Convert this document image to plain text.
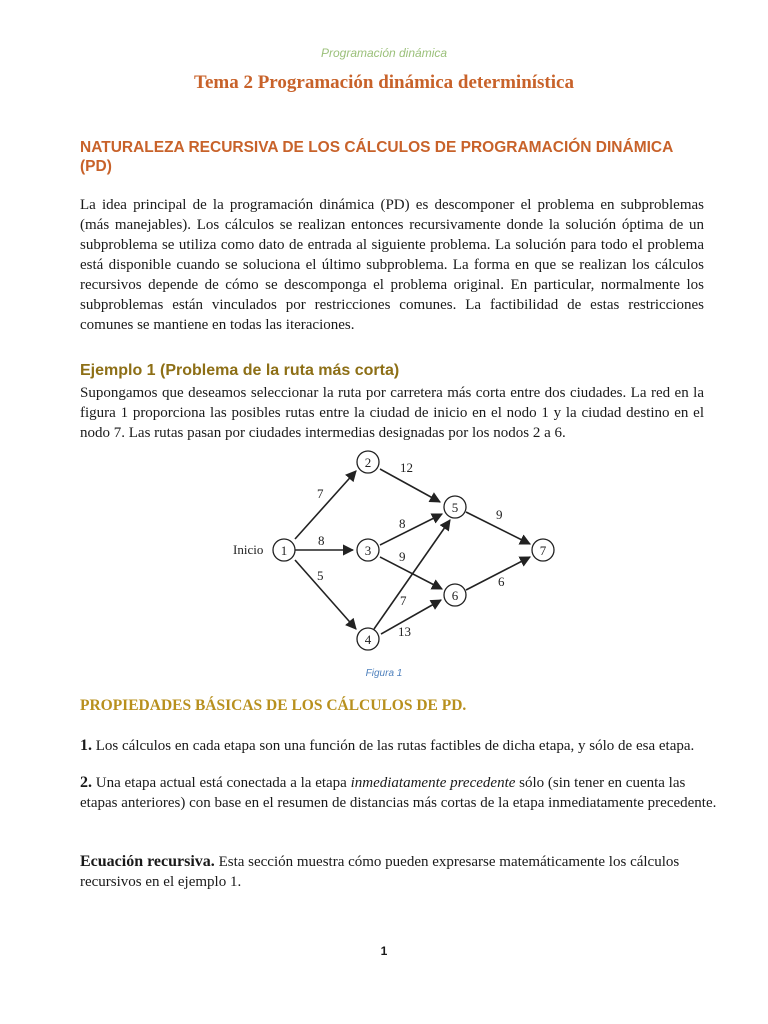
Programación dinámica
Tema 2 Programación dinámica determinística
NATURALEZA RECURSIVA DE LOS CÁLCULOS DE PROGRAMACIÓN DINÁMICA (PD)

La idea principal de la programación dinámica (PD) es descomponer el problema en subproblemas (más manejables). Los cálculos se realizan entonces recursivamente donde la solución óptima de un subproblema se utiliza como dato de entrada al siguiente problema. La solución para todo el problema está disponible cuando se soluciona el último subproblema. La forma en que se realizan los cálculos recursivos depende de cómo se descomponga el problema original. En particular, normalmente los subproblemas están vinculados por restricciones comunes. La factibilidad de estas restricciones comunes se mantiene en todas las iteraciones.

Ejemplo 1 (Problema de la ruta más corta)

Supongamos que deseamos seleccionar la ruta por carretera más corta entre dos ciudades. La red en la figura 1 proporciona las posibles rutas entre la ciudad de inicio en el nodo 1 y la ciudad destino en el nodo 7. Las rutas pasan por ciudades intermedias designadas por los nodos 2 a 6.

7
8
5
12
8
9
7
13
9
6
Inicio 1
2
3
4
5
6
7
Figura 1
PROPIEDADES BÁSICAS DE LOS CÁLCULOS DE PD.

1. Los cálculos en cada etapa son una función de las rutas factibles de dicha etapa, y sólo de esa etapa.

2. Una etapa actual está conectada a la etapa inmediatamente precedente sólo (sin tener en cuenta las etapas anteriores) con base en el resumen de distancias más cortas de la etapa inmediatamente precedente.

Ecuación recursiva. Esta sección muestra cómo pueden expresarse matemáticamente los cálculos recursivos en el ejemplo 1.

1
